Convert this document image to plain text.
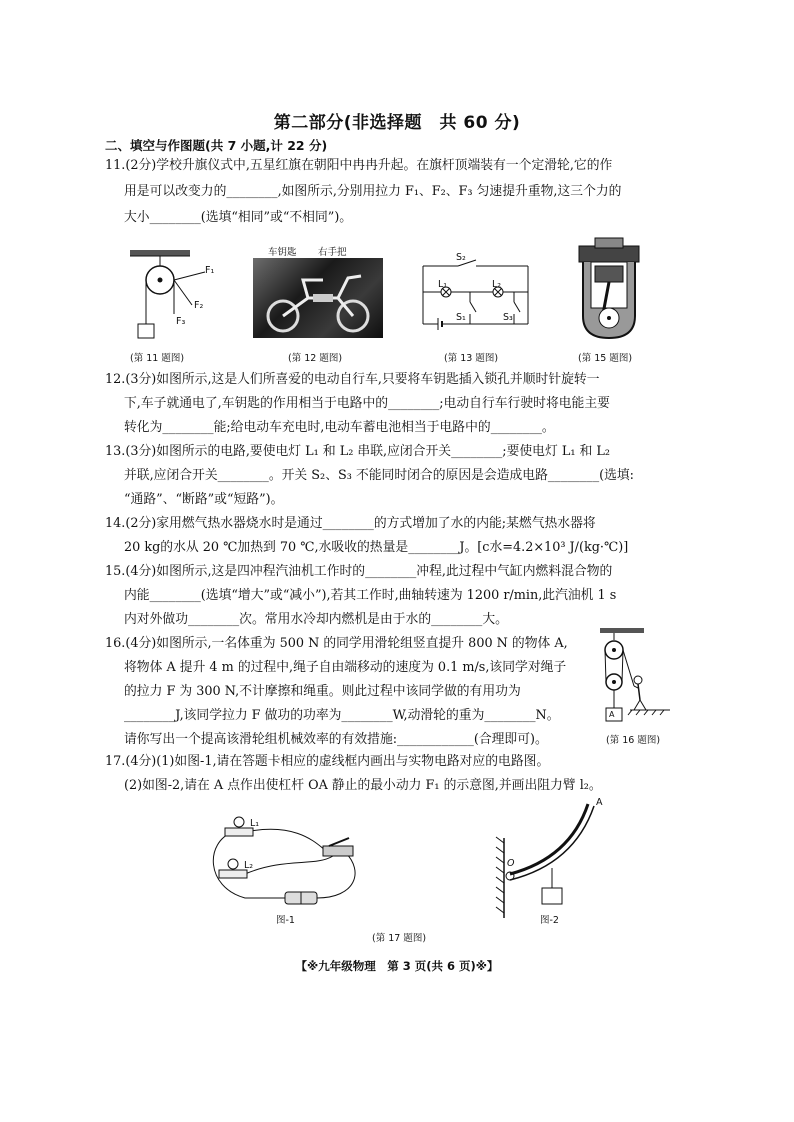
第二部分(非选择题　共 60 分)
二、填空与作图题(共 7 小题,计 22 分)
11.(2分)学校升旗仪式中,五星红旗在朝阳中冉冉升起。在旗杆顶端装有一个定滑轮,它的作
用是可以改变力的________,如图所示,分别用拉力 F₁、F₂、F₃ 匀速提升重物,这三个力的
大小________(选填“相同”或“不相同”)。
F₁
F₂
F₃
(第 11 题图)
车钥匙 右手把
(第 12 题图)
S₂
L₁	L₂
S₁	S₃
(第 13 题图)	(第 15 题图)
12.(3分)如图所示,这是人们所喜爱的电动自行车,只要将车钥匙插入锁孔并顺时针旋转一
下,车子就通电了,车钥匙的作用相当于电路中的________;电动自行车行驶时将电能主要
转化为________能;给电动车充电时,电动车蓄电池相当于电路中的________。
13.(3分)如图所示的电路,要使电灯 L₁ 和 L₂ 串联,应闭合开关________;要使电灯 L₁ 和 L₂
并联,应闭合开关________。开关 S₂、S₃ 不能同时闭合的原因是会造成电路________(选填:
“通路”、“断路”或“短路”)。
14.(2分)家用燃气热水器烧水时是通过________的方式增加了水的内能;某燃气热水器将
20 kg的水从 20 ℃加热到 70 ℃,水吸收的热量是________J。[c水=4.2×10³ J/(kg·℃)]
15.(4分)如图所示,这是四冲程汽油机工作时的________冲程,此过程中气缸内燃料混合物的
内能________(选填“增大”或“减小”),若其工作时,曲轴转速为 1200 r/min,此汽油机 1 s
内对外做功________次。常用水冷却内燃机是由于水的________大。
16.(4分)如图所示,一名体重为 500 N 的同学用滑轮组竖直提升 800 N 的物体 A,
将物体 A 提升 4 m 的过程中,绳子自由端移动的速度为 0.1 m/s,该同学对绳子
的拉力 F 为 300 N,不计摩擦和绳重。则此过程中该同学做的有用功为
________J,该同学拉力 F 做功的功率为________W,动滑轮的重为________N。
请你写出一个提高该滑轮组机械效率的有效措施:____________(合理即可)。
A
(第 16 题图)
17.(4分)(1)如图-1,请在答题卡相应的虚线框内画出与实物电路对应的电路图。
(2)如图-2,请在 A 点作出使杠杆 OA 静止的最小动力 F₁ 的示意图,并画出阻力臂 l₂。
L₁
L₂
图-1
A
O
图-2
(第 17 题图)
【※九年级物理　第 3 页(共 6 页)※】
